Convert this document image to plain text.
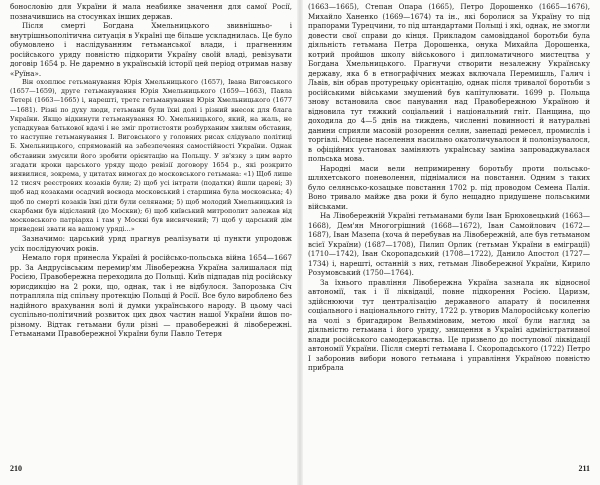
бонословію для України й мала неабияке значення для самої Росії, позначившись на стосунках інших держав.

Після смерті Богдана Хмельницького звивнішньо- і внутрішньополітична ситуація в Україні ще більше ускладнилась. Це було обумовлено і наслідуванням гетьманської влади, і прагненням російського уряду повністю підкорити Україну своїй владі, ревізувати договір 1654 р. Не даремно в українській історії цей період отримав назву «Руїна».

Він охоплює гетьманування Юрія Хмельницького (1657), Івана Виговського (1657—1659), друге гетьманування Юрія Хмельницького (1659—1663), Павла Тетері (1663—1665) і, нарешті, третє гетьманування Юрія Хмельницького (1677—1681). Різні по духу люди, гетьмани були їхні долі і різний внесок для блага України. Якщо відкинути гетьманування Ю. Хмельницького, який, на жаль, не успадкував батькової вдачі і не зміг протистояти розбурханим хвилям обставин, то наступне гетьманування І. Виговського у головних рисах слідувало політиці Б. Хмельницького, спрямованій на забезпечення самостійності України. Однак обставини змусили його зробити орієнтацію на Польщу. У зв'язку з цим варто згадати кроки царського уряду щодо ревізії договору 1654 р., які розкрито виявилися, зокрема, у цитатах вимогах до московського гетьмана: «1) Щоб лише 12 тисяч реєстрових козаків були; 2) щоб усі інтрати (податки) йшли цареві; 3) щоб над козаками осадчий воєвода московський і старшина була московська; 4) щоб по смерті козаків їхні діти були селянами; 5) щоб молодий Хмельницький із скарбами був відісланий (до Москви); 6) щоб київський митрополит залежав від московського патріарха і там у Москві був висвячений; 7) щоб у царський дім приведені звати на вашому уряді...»

Зазначимо: царський уряд прагнув реалізувати ці пункти упродовж усіх послідуючих років.

Немало горя принесла Україні й російсько-польська війна 1654—1667 рр. За Андрусівським перемир'ям Лівобережна Україна залишалася під Росією, Правобережна переходила до Польщі. Київ підпадав під російську юрисдикцію на 2 роки, що, однак, так і не відбулося. Запорозька Січ потрапляла під спільну протекцію Польщі й Росії. Все було вироблено без надійного врахування волі й думки українського народу. В цьому часі суспільно-політичний розвиток цих двох частин нашої України йшов по-різному. Відтак гетьмани були різні — правобережні й лівобережні. Гетьманами Правобережної України були Павло Тетеря

210

(1663—1665), Степан Опара (1665), Петро Дорошенко (1665—1676), Михайло Ханенко (1669—1674) та ін., які боролися за Україну то під прапорами Турецчини, то під штандартами Польщі і які, однак, не змогли довести свої справи до кінця. Прикладом самовідданої боротьби була діяльність гетьмана Петра Дорошенка, онука Михайла Дорошенка, котрий пройшов школу військового і дипломатичного мистецтва у Богдана Хмельницького. Прагнучи створити незалежну Українську державу, яка б в етнографічних межах включала Перемишль, Галич і Львів, він обрав протурецьку орієнтацію, однак після тривалої боротьби з російськими військами змушений був капітулювати. 1699 р. Польща знову встановила своє панування над Правобережною Україною й відновила тут тяжкий соціальний і національний гніт. Панщина, що доходила до 4—5 днів на тиждень, численні повинності й натуральні данини сприяли масовій розорення селян, занепаді ремесел, промислів і торгівлі. Місцеве населення насильно окатоличувалося й полонізувалося, в офіційних установах заміняють українську заміна запроваджувалася польська мова.

Народні маси вели непримиренну боротьбу проти польсько-шляхетського поневолення, піднімалися на повстання. Одним з таких було селянсько-козацьке повстання 1702 р. під проводом Семена Палія. Воно тривало майже два роки й було нещадно придушене польськими військами.

На Лівобережній Україні гетьманами були Іван Брюховецький (1663—1668), Дем'ян Многогрішний (1668—1672), Іван Самойлович (1672—1687), Іван Мазепа (хоча й перебував на Лівобережній, але був гетьманом всієї України) (1687—1708), Пилип Орлик (гетьман України в еміграції) (1710—1742), Іван Скоропадський (1708—1722), Данило Апостол (1727—1734) і, нарешті, останній з них, гетьман Лівобережної України, Кирило Розумовський (1750—1764).

За їхнього правління Лівобережна Україна зазнала як відносної автономії, так і її ліквідації, повне підкорення Росією. Царизм, здійснюючи тут централізацію державного апарату й посилення соціального і національного гніту, 1722 р. утворив Малоросійську колегію на чолі з бригадиром Вельяміновим, метою якої були нагляд за діяльністю гетьмана і його уряду, знищення в Україні адміністративної влади російського самодержавства. Це призвело до поступової ліквідації автономії України. Після смерті гетьмана І. Скоропадського (1722) Петро І заборонив вибори нового гетьмана і управління Україною повністю прибрала

211
